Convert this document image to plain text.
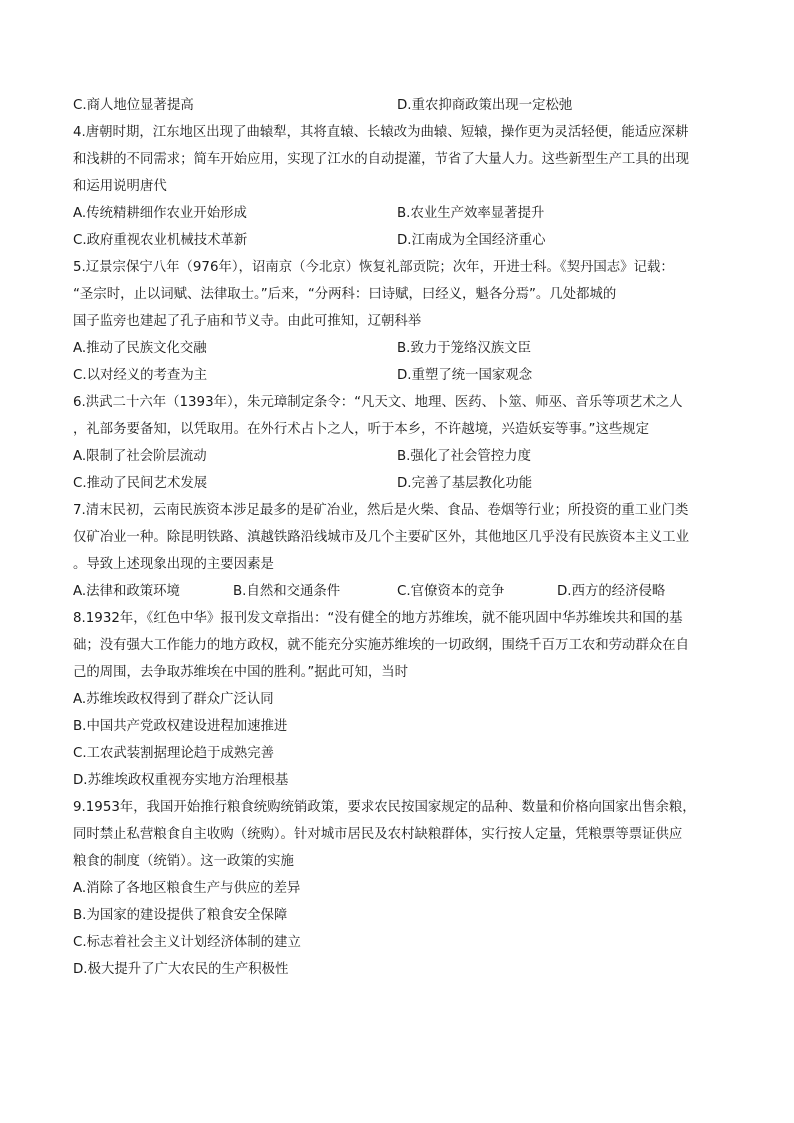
C.商人地位显著提高	D.重农抑商政策出现一定松弛
4.唐朝时期，江东地区出现了曲辕犁，其将直辕、长辕改为曲辕、短辕，操作更为灵活轻便，能适应深耕
和浅耕的不同需求；简车开始应用，实现了江水的自动提灌，节省了大量人力。这些新型生产工具的出现
和运用说明唐代
A.传统精耕细作农业开始形成	B.农业生产效率显著提升
C.政府重视农业机械技术革新	D.江南成为全国经济重心
5.辽景宗保宁八年（976年），诏南京（今北京）恢复礼部贡院；次年，开进士科。《契丹国志》记载：
“圣宗时，止以词赋、法律取士。”后来，“分两科：曰诗赋，曰经义，魁各分焉”。几处都城的
国子监旁也建起了孔子庙和节义寺。由此可推知，辽朝科举
A.推动了民族文化交融	B.致力于笼络汉族文臣
C.以对经义的考查为主	D.重塑了统一国家观念
6.洪武二十六年（1393年），朱元璋制定条令：“凡天文、地理、医药、卜筮、师巫、音乐等项艺术之人
，礼部务要备知，以凭取用。在外行术占卜之人，听于本乡，不许越境，兴造妖妄等事。”这些规定
A.限制了社会阶层流动	B.强化了社会管控力度
C.推动了民间艺术发展	D.完善了基层教化功能
7.清末民初，云南民族资本涉足最多的是矿冶业，然后是火柴、食品、卷烟等行业；所投资的重工业门类
仅矿冶业一种。除昆明铁路、滇越铁路沿线城市及几个主要矿区外，其他地区几乎没有民族资本主义工业
。导致上述现象出现的主要因素是
A.法律和政策环境	B.自然和交通条件	C.官僚资本的竞争	D.西方的经济侵略
8.1932年，《红色中华》报刊发文章指出：“没有健全的地方苏维埃，就不能巩固中华苏维埃共和国的基
础；没有强大工作能力的地方政权，就不能充分实施苏维埃的一切政纲，围绕千百万工农和劳动群众在自
己的周围，去争取苏维埃在中国的胜利。”据此可知，当时
A.苏维埃政权得到了群众广泛认同
B.中国共产党政权建设进程加速推进
C.工农武装割据理论趋于成熟完善
D.苏维埃政权重视夯实地方治理根基
9.1953年，我国开始推行粮食统购统销政策，要求农民按国家规定的品种、数量和价格向国家出售余粮，
同时禁止私营粮食自主收购（统购）。针对城市居民及农村缺粮群体，实行按人定量，凭粮票等票证供应
粮食的制度（统销）。这一政策的实施
A.消除了各地区粮食生产与供应的差异
B.为国家的建设提供了粮食安全保障
C.标志着社会主义计划经济体制的建立
D.极大提升了广大农民的生产积极性
